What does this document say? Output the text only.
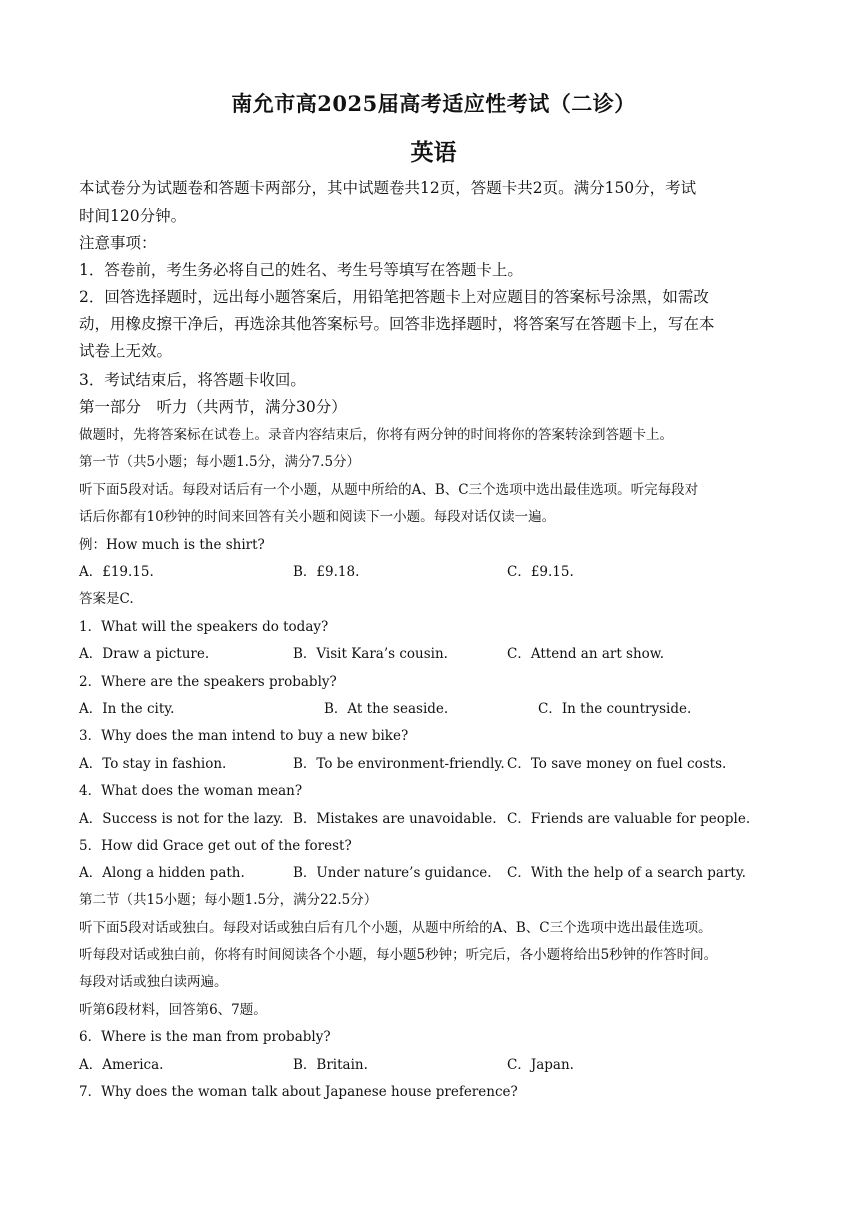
南允市高2025届高考适应性考试（二诊）
英语
本试卷分为试题卷和答题卡两部分，其中试题卷共12页，答题卡共2页。满分150分，考试
时间120分钟。
注意事项：
1．答卷前，考生务必将自己的姓名、考生号等填写在答题卡上。
2．回答选择题时，远出每小题答案后，用铅笔把答题卡上对应题目的答案标号涂黑，如需改
动，用橡皮擦干净后，再选涂其他答案标号。回答非选择题时，将答案写在答题卡上，写在本
试卷上无效。
3．考试结束后，将答题卡收回。
第一部分　听力（共两节，满分30分）
做题时，先将答案标在试卷上。录音内容结束后，你将有两分钟的时间将你的答案转涂到答题卡上。
第一节（共5小题；每小题1.5分，满分7.5分）
听下面5段对话。每段对话后有一个小题，从题中所给的A、B、C三个选项中选出最佳选项。听完每段对
话后你都有10秒钟的时间来回答有关小题和阅读下一小题。每段对话仅读一遍。
例：How much is the shirt?
A．£19.15.	B．£9.18.	C．£9.15.
答案是C.
1．What will the speakers do today?
A．Draw a picture.	B．Visit Kara’s cousin.	C．Attend an art show.
2．Where are the speakers probably?
A．In the city.	B．At the seaside.	C．In the countryside.
3．Why does the man intend to buy a new bike?
A．To stay in fashion.	B．To be environment-friendly. C．To save money on fuel costs.
4．What does the woman mean?
A．Success is not for the lazy. B．Mistakes are unavoidable. C．Friends are valuable for people.
5．How did Grace get out of the forest?
A．Along a hidden path.	B．Under nature’s guidance. C．With the help of a search party.
第二节（共15小题；每小题1.5分，满分22.5分）
听下面5段对话或独白。每段对话或独白后有几个小题，从题中所给的A、B、C三个选项中选出最佳选项。
听每段对话或独白前，你将有时间阅读各个小题，每小题5秒钟；听完后，各小题将给出5秒钟的作答时间。
每段对话或独白读两遍。
听第6段材料，回答第6、7题。
6．Where is the man from probably?
A．America.	B．Britain.	C．Japan.
7．Why does the woman talk about Japanese house preference?
